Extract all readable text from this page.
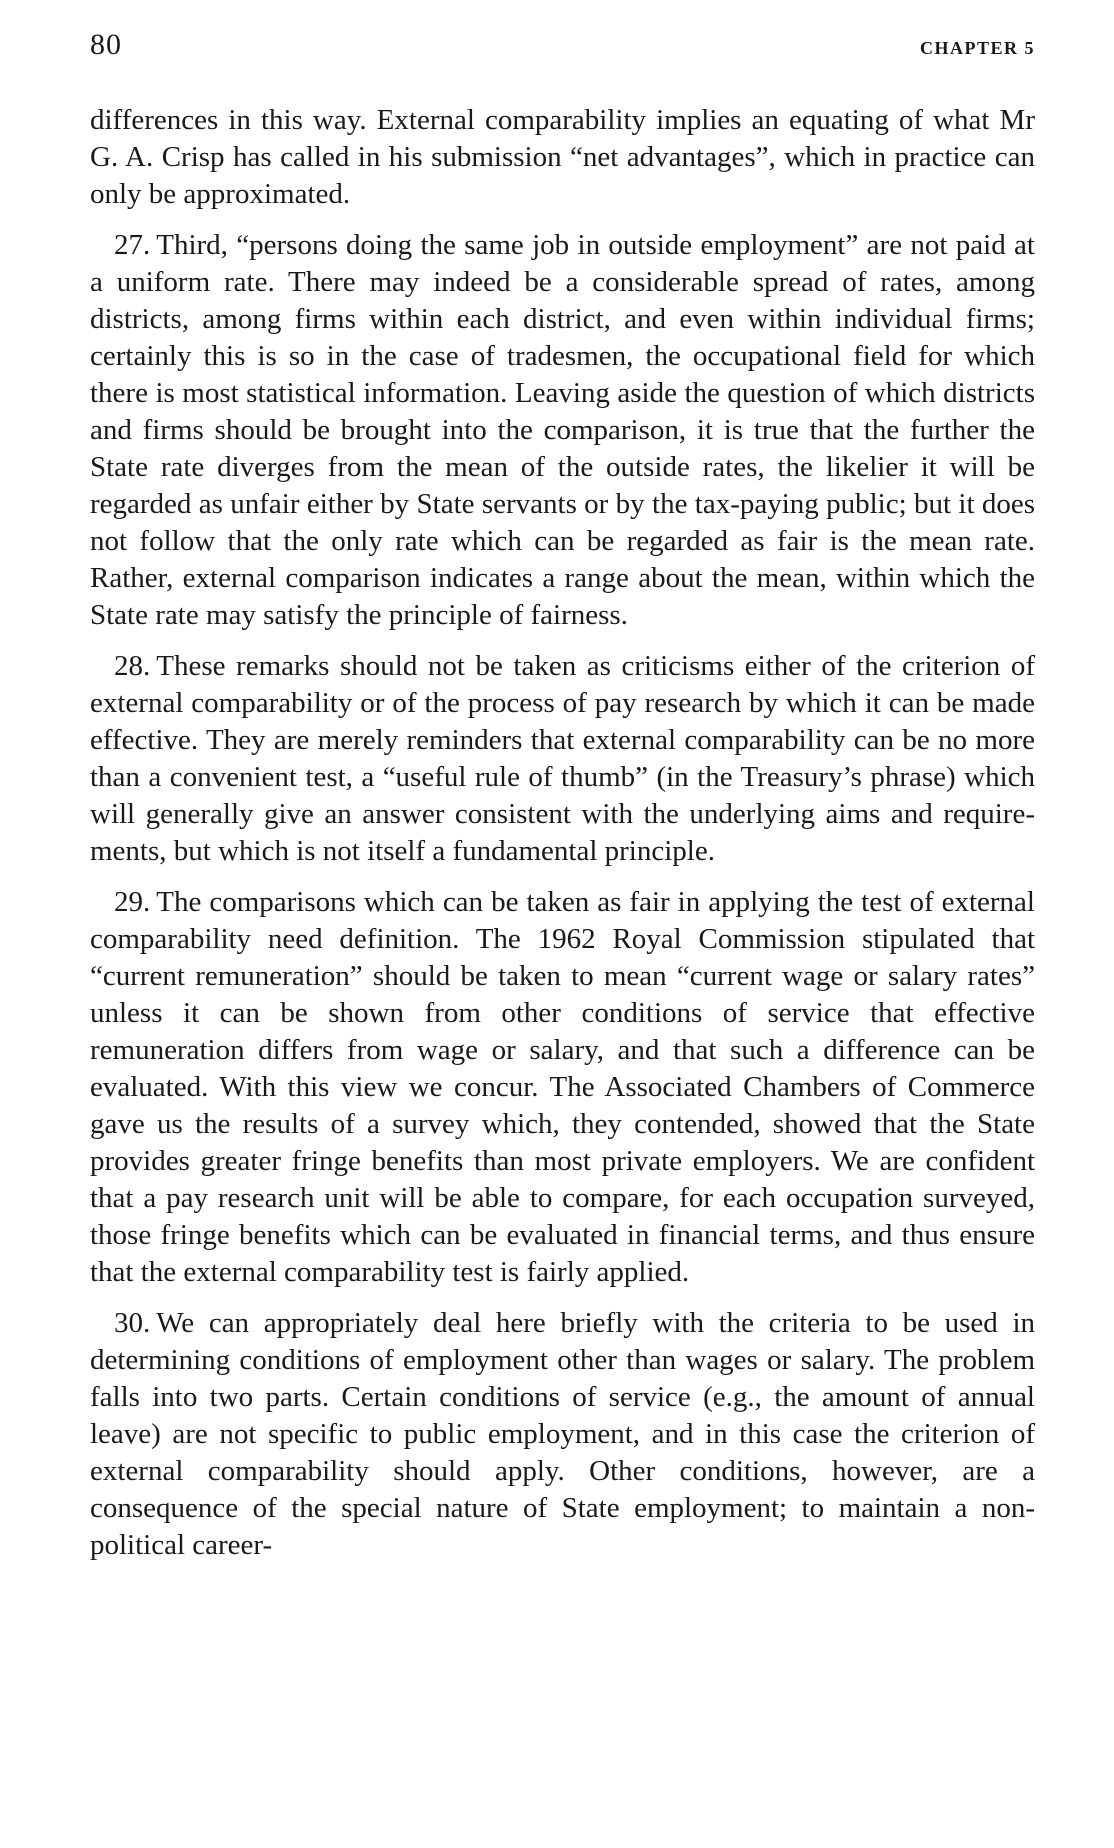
80	CHAPTER 5

differences in this way. External comparability implies an equating of what Mr G. A. Crisp has called in his submission “net advantages”, which in practice can only be approximated.

27. Third, “persons doing the same job in outside employment” are not paid at a uniform rate. There may indeed be a considerable spread of rates, among districts, among firms within each district, and even within individual firms; certainly this is so in the case of tradesmen, the occupational field for which there is most statistical information. Leaving aside the question of which districts and firms should be brought into the comparison, it is true that the further the State rate diverges from the mean of the outside rates, the likelier it will be regarded as unfair either by State servants or by the tax-paying public; but it does not follow that the only rate which can be regarded as fair is the mean rate. Rather, external comparison indicates a range about the mean, within which the State rate may satisfy the principle of fairness.

28. These remarks should not be taken as criticisms either of the criterion of external comparability or of the process of pay research by which it can be made effective. They are merely reminders that external comparability can be no more than a convenient test, a “useful rule of thumb” (in the Treasury’s phrase) which will generally give an answer consistent with the underlying aims and requirements, but which is not itself a fundamental principle.

29. The comparisons which can be taken as fair in applying the test of external comparability need definition. The 1962 Royal Commission stipulated that “current remuneration” should be taken to mean “current wage or salary rates” unless it can be shown from other conditions of service that effective remuneration differs from wage or salary, and that such a difference can be evaluated. With this view we concur. The Associated Chambers of Commerce gave us the results of a survey which, they contended, showed that the State provides greater fringe benefits than most private employers. We are confident that a pay research unit will be able to compare, for each occupation surveyed, those fringe benefits which can be evaluated in financial terms, and thus ensure that the external comparability test is fairly applied.

30. We can appropriately deal here briefly with the criteria to be used in determining conditions of employment other than wages or salary. The problem falls into two parts. Certain conditions of service (e.g., the amount of annual leave) are not specific to public employment, and in this case the criterion of external comparability should apply. Other conditions, however, are a consequence of the special nature of State employment; to maintain a non-political career-
